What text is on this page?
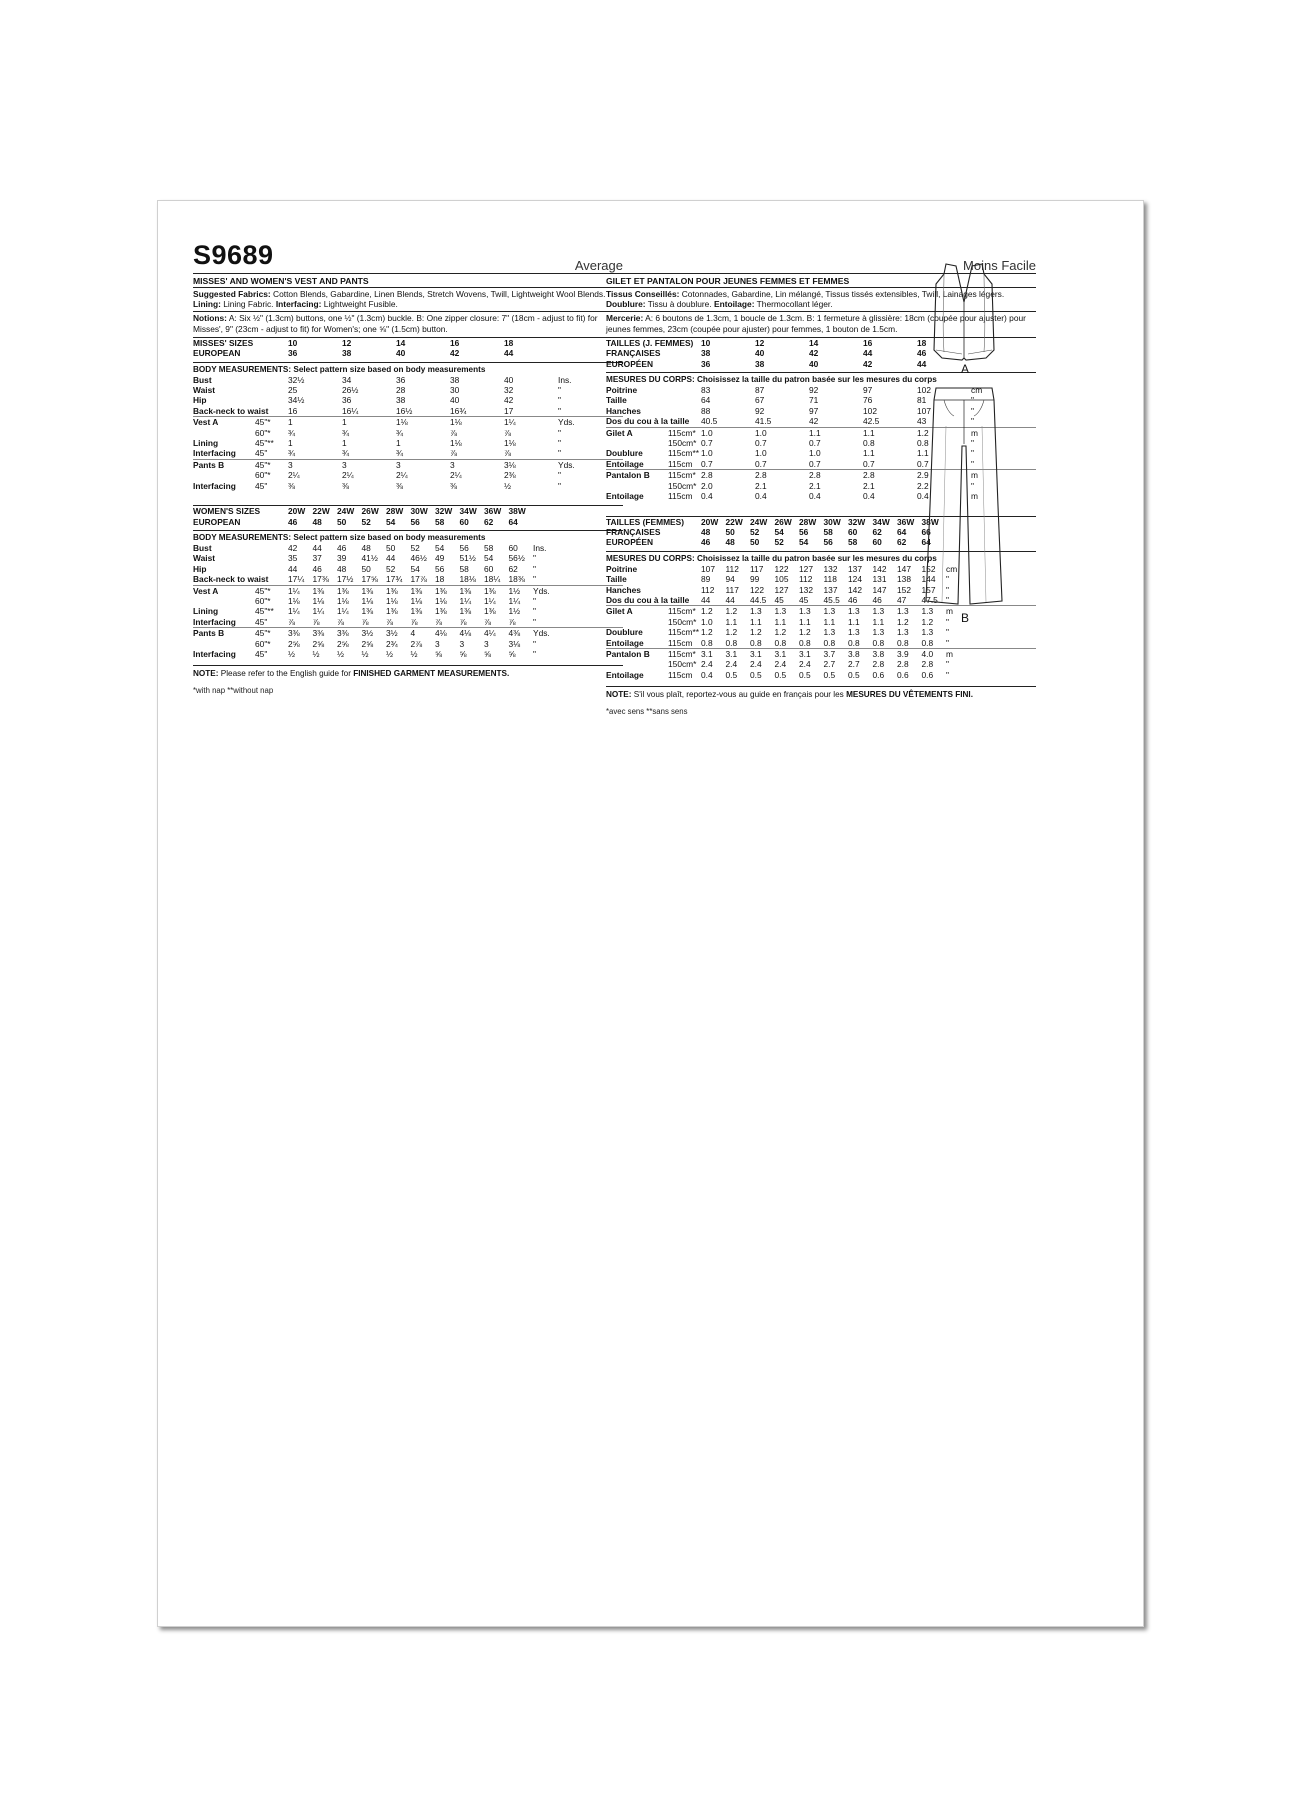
S9689	Average
MISSES' AND WOMEN'S VEST AND PANTS
Suggested Fabrics: Cotton Blends, Gabardine, Linen Blends, Stretch Wovens, Twill, Lightweight Wool Blends. Lining: Lining Fabric. Interfacing: Lightweight Fusible.
Notions: A: Six ½" (1.3cm) buttons, one ½" (1.3cm) buckle. B: One zipper closure: 7" (18cm - adjust to fit) for Misses', 9" (23cm - adjust to fit) for Women's; one ⅝" (1.5cm) button.
MISSES' SIZES	10	12	14	16	18
EUROPEAN	36	38	40	42	44
BODY MEASUREMENTS: Select pattern size based on body measurements
Bust	32½	34	36	38	40	Ins.
Waist	25	26½	28	30	32	"
Hip	34½	36	38	40	42	"
Back-neck to waist 16	16¼	16½	16¾	17	"
Vest A	45"*	1	1	1⅛	1⅛	1¼	Yds.
60"*	¾	¾	¾	⅞	⅞	"
Lining	45"**	1	1	1	1⅛	1⅛	"
Interfacing	45"	¾	¾	¾	⅞	⅞	"
Pants B	45"*	3	3	3	3	3⅛	Yds.
60"*	2¼	2¼	2¼	2¼	2⅜	"
Interfacing	45"	⅜	⅜	⅜	⅜	½	"
WOMEN'S SIZES	20W 22W 24W 26W 28W 30W 32W 34W 36W 38W
EUROPEAN	46	48	50	52	54	56	58	60	62	64
BODY MEASUREMENTS: Select pattern size based on body measurements
Bust	42	44	46	48	50	52	54	56	58	60	Ins.
Waist	35	37	39	41½ 44	46½ 49	51½ 54	56½ "
Hip	44	46	48	50	52	54	56	58	60	62	"
Back-neck to waist 17¼ 17⅜ 17½ 17⅝ 17¾ 17⅞ 18	18⅛ 18¼ 18⅜ "
Vest A	45"*	1¼	1⅜	1⅜	1⅜	1⅜	1⅜	1⅜	1⅜	1⅜	1½	Yds.
60"*	1⅛	1⅛	1⅛	1⅛	1⅛	1⅛	1⅛	1¼	1¼	1¼	"
Lining	45"**	1¼	1¼	1¼	1⅜	1⅜	1⅜	1⅜	1⅜	1⅜	1½	"
Interfacing	45"	⅞	⅞	⅞	⅞	⅞	⅞	⅞	⅞	⅞	⅞	"
Pants B	45"*	3⅜	3⅜	3⅜	3½	3½	4	4⅛	4⅛	4¼	4⅜	Yds.
60"*	2⅝	2⅝	2⅝	2⅝	2¾	2⅞	3	3	3	3⅛	"
Interfacing	45"	½	½	½	½	½	½	⅝	⅝	⅝	⅝	"
NOTE: Please refer to the English guide for FINISHED GARMENT MEASUREMENTS.
*with nap **without nap
Moins Facile
GILET ET PANTALON POUR JEUNES FEMMES ET FEMMES
Tissus Conseillés: Cotonnades, Gabardine, Lin mélangé, Tissus tissés extensibles, Twill, Lainages légers. Doublure: Tissu à doublure. Entoilage: Thermocollant léger.
Mercerie: A: 6 boutons de 1.3cm, 1 boucle de 1.3cm. B: 1 fermeture à glissière: 18cm (coupée pour ajuster) pour jeunes femmes, 23cm (coupée pour ajuster) pour femmes, 1 bouton de 1.5cm.
TAILLES (J. FEMMES) 10	12	14	16	18
FRANÇAISES	38	40	42	44	46
EUROPÉEN	36	38	40	42	44
MESURES DU CORPS: Choisissez la taille du patron basée sur les mesures du corps
Poitrine	83	87	92	97	102	cm
Taille	64	67	71	76	81	"
Hanches	88	92	97	102	107	"
Dos du cou à la taille 40.5	41.5	42	42.5	43	"
Gilet A	115cm* 1.0	1.0	1.1	1.1	1.2	m
150cm* 0.7	0.7	0.7	0.8	0.8	"
Doublure	115cm** 1.0	1.0	1.0	1.1	1.1	"
Entoilage	115cm	0.7	0.7	0.7	0.7	0.7	"
Pantalon B	115cm* 2.8	2.8	2.8	2.8	2.9	m
150cm* 2.0	2.1	2.1	2.1	2.2	"
Entoilage	115cm	0.4	0.4	0.4	0.4	0.4	m
TAILLES (FEMMES)	20W 22W 24W 26W 28W 30W 32W 34W 36W 38W
FRANÇAISES	48	50	52	54	56	58	60	62	64	66
EUROPÉEN	46	48	50	52	54	56	58	60	62	64
MESURES DU CORPS: Choisissez la taille du patron basée sur les mesures du corps
Poitrine	107	112	117	122	127	132	137	142	147	152	cm
Taille	89	94	99	105	112	118	124	131	138	144	"
Hanches	112	117	122	127	132	137	142	147	152	157	"
Dos du cou à la taille 44	44	44.5 45	45	45.5 46	46	47	47.5 "
Gilet A	115cm* 1.2	1.2	1.3	1.3	1.3	1.3	1.3	1.3	1.3	1.3	m
150cm* 1.0	1.1	1.1	1.1	1.1	1.1	1.1	1.1	1.2	1.2	"
Doublure	115cm** 1.2	1.2	1.2	1.2	1.2	1.3	1.3	1.3	1.3	1.3	"
Entoilage	115cm	0.8	0.8	0.8	0.8	0.8	0.8	0.8	0.8	0.8	0.8	"
Pantalon B	115cm* 3.1	3.1	3.1	3.1	3.1	3.7	3.8	3.8	3.9	4.0	m
150cm* 2.4	2.4	2.4	2.4	2.4	2.7	2.7	2.8	2.8	2.8	"
Entoilage	115cm	0.4	0.5	0.5	0.5	0.5	0.5	0.5	0.6	0.6	0.6	"
NOTE: S'il vous plaît, reportez-vous au guide en français pour les MESURES DU VÊTEMENTS FINI.
*avec sens **sans sens
A
B
